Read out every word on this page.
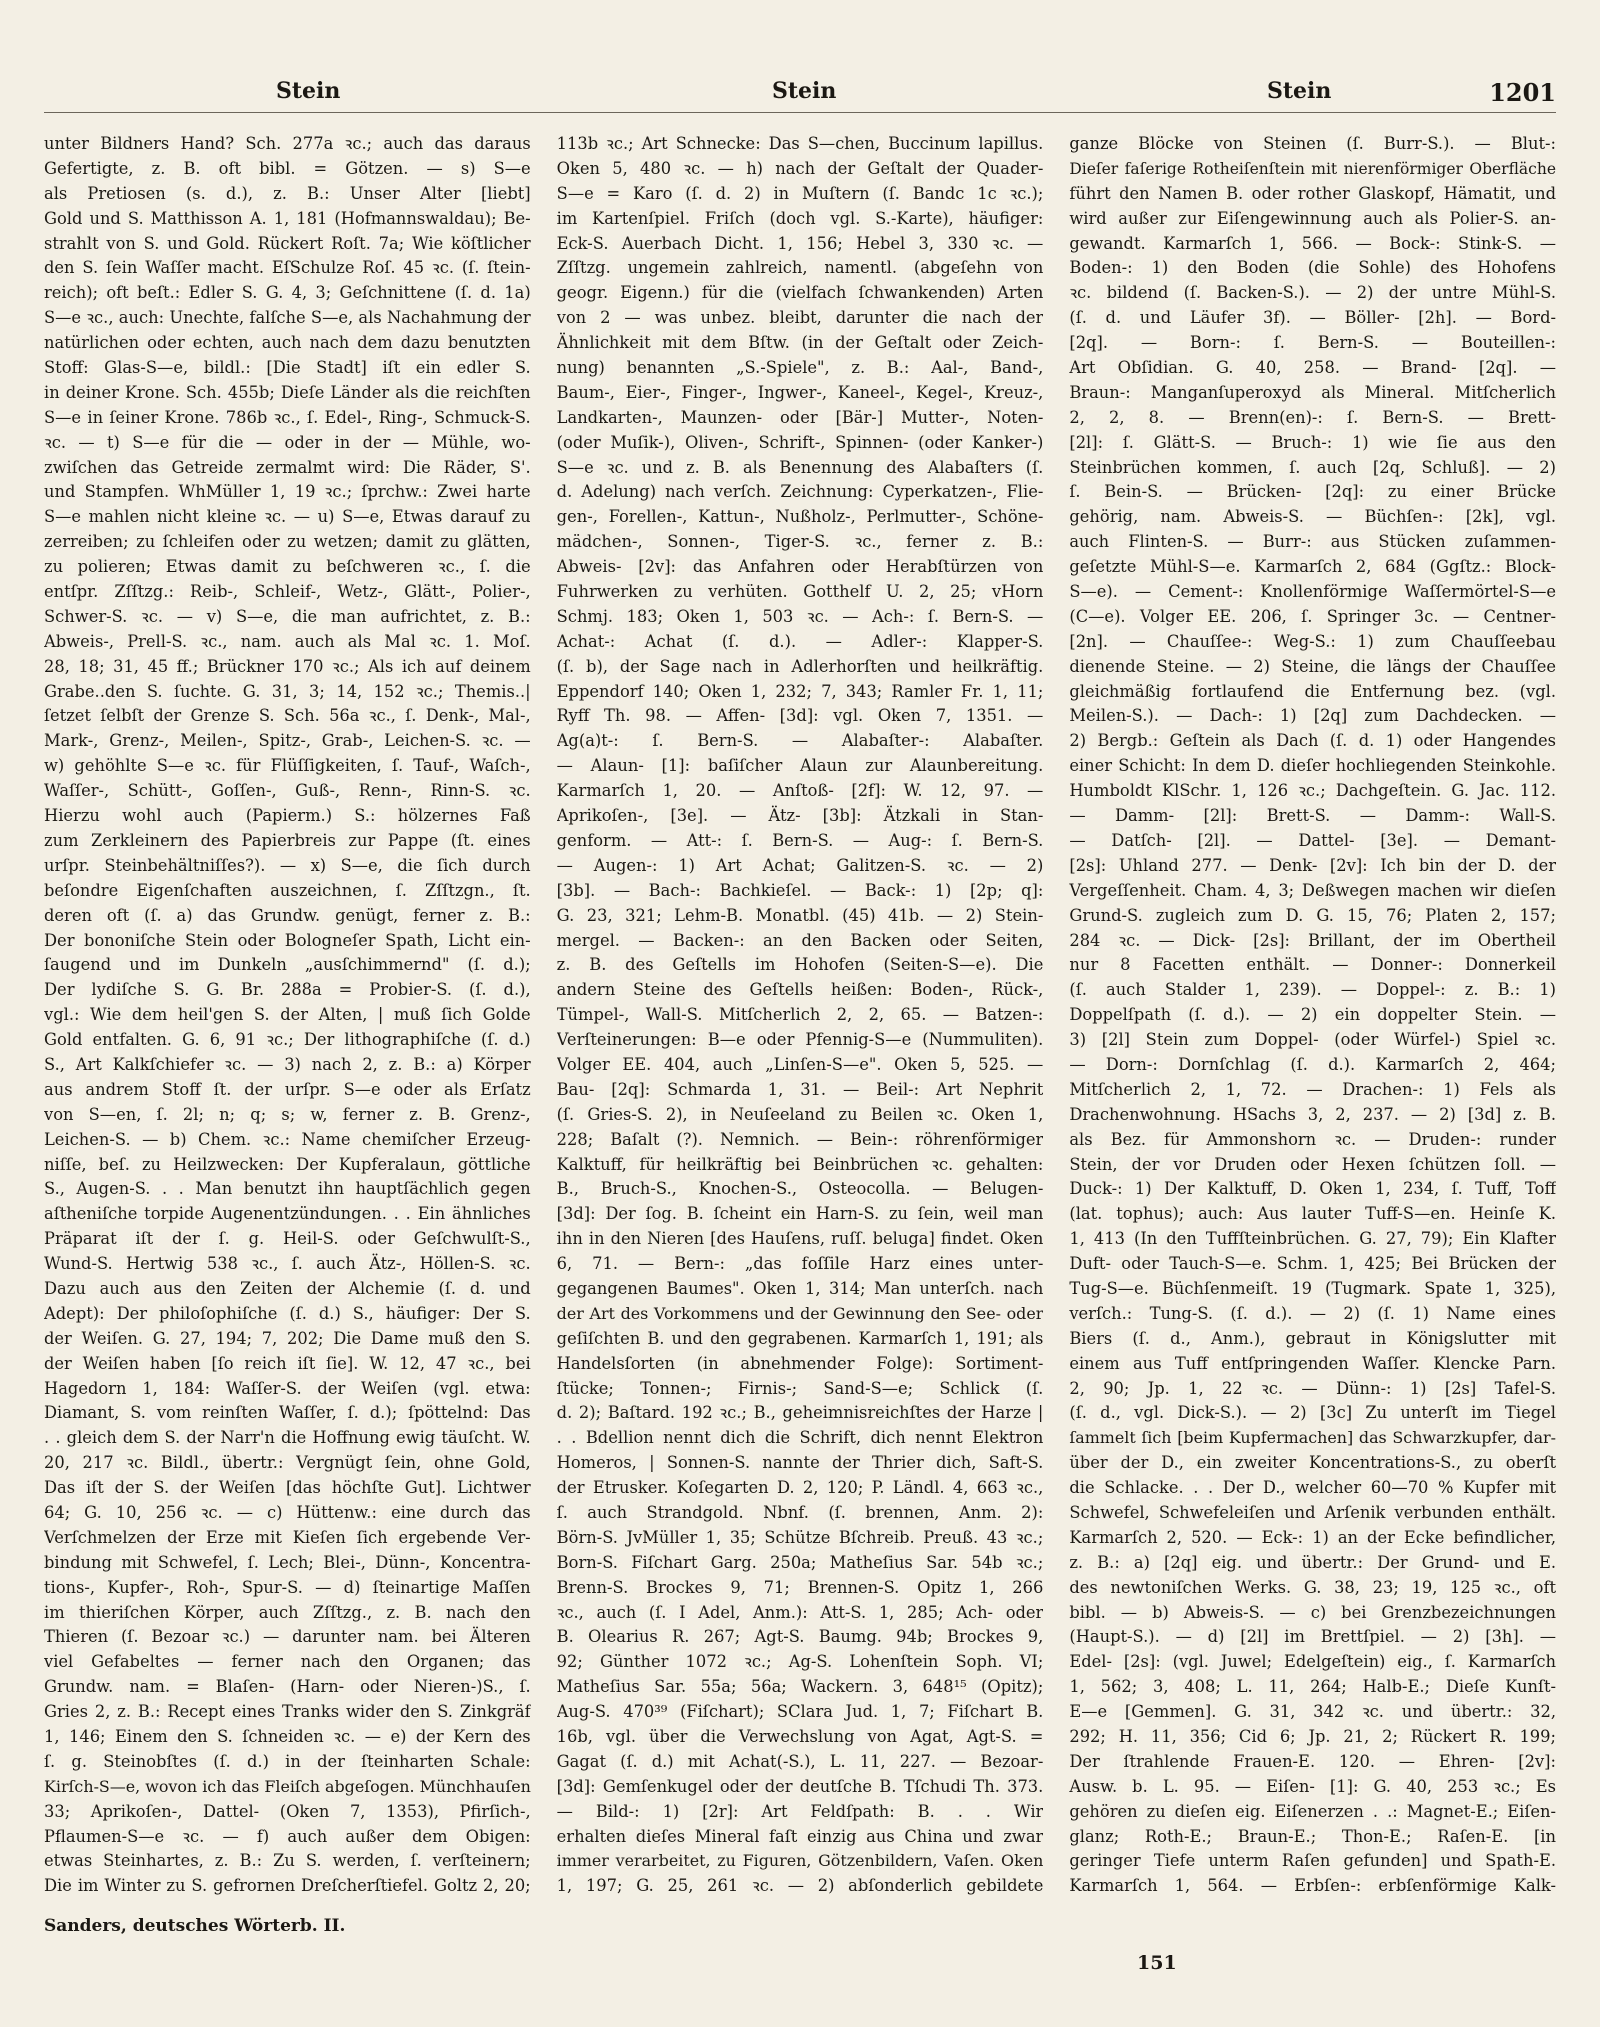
Stein	Stein	Stein	1201
unter Bildners Hand? Sch. 277a ꝛc.; auch das daraus
Gefertigte, z. B. oft bibl. = Götzen. — s) S—e
als Pretiosen (s. d.), z. B.: Unser Alter [liebt]
Gold und S. Matthisson A. 1, 181 (Hofmannswaldau); Be-
strahlt von S. und Gold. Rückert Roſt. 7a; Wie köſtlicher
den S. ſein Waſſer macht. EſSchulze Roſ. 45 ꝛc. (ſ. ſtein-
reich); oft beſt.: Edler S. G. 4, 3; Geſchnittene (ſ. d. 1a)
S—e ꝛc., auch: Unechte, falſche S—e, als Nachahmung der
natürlichen oder echten, auch nach dem dazu benutzten
Stoff: Glas-S—e, bildl.: [Die Stadt] iſt ein edler S.
in deiner Krone. Sch. 455b; Dieſe Länder als die reichſten
S—e in ſeiner Krone. 786b ꝛc., ſ. Edel-, Ring-, Schmuck-S.
ꝛc. — t) S—e für die — oder in der — Mühle, wo-
zwiſchen das Getreide zermalmt wird: Die Räder, S'.
und Stampfen. WhMüller 1, 19 ꝛc.; ſprchw.: Zwei harte
S—e mahlen nicht kleine ꝛc. — u) S—e, Etwas darauf zu
zerreiben; zu ſchleifen oder zu wetzen; damit zu glätten,
zu polieren; Etwas damit zu beſchweren ꝛc., ſ. die
entſpr. Zſſtzg.: Reib-, Schleif-, Wetz-, Glätt-, Polier-,
Schwer-S. ꝛc. — v) S—e, die man aufrichtet, z. B.:
Abweis-, Prell-S. ꝛc., nam. auch als Mal ꝛc. 1. Moſ.
28, 18; 31, 45 ff.; Brückner 170 ꝛc.; Als ich auf deinem
Grabe..den S. ſuchte. G. 31, 3; 14, 152 ꝛc.; Themis..|
ſetzet ſelbſt der Grenze S. Sch. 56a ꝛc., ſ. Denk-, Mal-,
Mark-, Grenz-, Meilen-, Spitz-, Grab-, Leichen-S. ꝛc. —
w) gehöhlte S—e ꝛc. für Flüſſigkeiten, ſ. Tauf-, Waſch-,
Waſſer-, Schütt-, Goſſen-, Guß-, Renn-, Rinn-S. ꝛc.
Hierzu wohl auch (Papierm.) S.: hölzernes Faß
zum Zerkleinern des Papierbreis zur Pappe (ſt. eines
urſpr. Steinbehältniſſes?). — x) S—e, die ſich durch
beſondre Eigenſchaften auszeichnen, ſ. Zſſtzgn., ſt.
deren oft (ſ. a) das Grundw. genügt, ferner z. B.:
Der bononiſche Stein oder Bologneſer Spath, Licht ein-
ſaugend und im Dunkeln „ausſchimmernd" (ſ. d.);
Der lydiſche S. G. Br. 288a = Probier-S. (ſ. d.),
vgl.: Wie dem heil'gen S. der Alten, | muß ſich Golde
Gold entfalten. G. 6, 91 ꝛc.; Der lithographiſche (ſ. d.)
S., Art Kalkſchiefer ꝛc. — 3) nach 2, z. B.: a) Körper
aus andrem Stoff ſt. der urſpr. S—e oder als Erſatz
von S—en, ſ. 2l; n; q; s; w, ferner z. B. Grenz-,
Leichen-S. — b) Chem. ꝛc.: Name chemiſcher Erzeug-
niſſe, beſ. zu Heilzwecken: Der Kupferalaun, göttliche
S., Augen-S. . . Man benutzt ihn hauptſächlich gegen
aſtheniſche torpide Augenentzündungen. . . Ein ähnliches
Präparat iſt der ſ. g. Heil-S. oder Geſchwulſt-S.,
Wund-S. Hertwig 538 ꝛc., ſ. auch Ätz-, Höllen-S. ꝛc.
Dazu auch aus den Zeiten der Alchemie (ſ. d. und
Adept): Der philoſophiſche (ſ. d.) S., häufiger: Der S.
der Weiſen. G. 27, 194; 7, 202; Die Dame muß den S.
der Weiſen haben [ſo reich iſt ſie]. W. 12, 47 ꝛc., bei
Hagedorn 1, 184: Waſſer-S. der Weiſen (vgl. etwa:
Diamant, S. vom reinſten Waſſer, ſ. d.); ſpöttelnd: Das
. . gleich dem S. der Narr'n die Hoffnung ewig täuſcht. W.
20, 217 ꝛc. Bildl., übertr.: Vergnügt ſein, ohne Gold,
Das iſt der S. der Weiſen [das höchſte Gut]. Lichtwer
64; G. 10, 256 ꝛc. — c) Hüttenw.: eine durch das
Verſchmelzen der Erze mit Kieſen ſich ergebende Ver-
bindung mit Schwefel, ſ. Lech; Blei-, Dünn-, Koncentra-
tions-, Kupfer-, Roh-, Spur-S. — d) ſteinartige Maſſen
im thieriſchen Körper, auch Zſſtzg., z. B. nach den
Thieren (ſ. Bezoar ꝛc.) — darunter nam. bei Älteren
viel Gefabeltes — ferner nach den Organen; das
Grundw. nam. = Blaſen- (Harn- oder Nieren-)S., ſ.
Gries 2, z. B.: Recept eines Tranks wider den S. Zinkgräf
1, 146; Einem den S. ſchneiden ꝛc. — e) der Kern des
ſ. g. Steinobſtes (ſ. d.) in der ſteinharten Schale:
Kirſch-S—e, wovon ich das Fleiſch abgeſogen. Münchhauſen
33; Aprikoſen-, Dattel- (Oken 7, 1353), Pfirſich-,
Pflaumen-S—e ꝛc. — f) auch außer dem Obigen:
etwas Steinhartes, z. B.: Zu S. werden, ſ. verſteinern;
Die im Winter zu S. gefrornen Dreſcherſtiefel. Goltz 2, 20;
113b ꝛc.; Art Schnecke: Das S—chen, Buccinum lapillus.
Oken 5, 480 ꝛc. — h) nach der Geſtalt der Quader-
S—e = Karo (ſ. d. 2) in Muſtern (ſ. Bandc 1c ꝛc.);
im Kartenſpiel. Friſch (doch vgl. S.-Karte), häufiger:
Eck-S. Auerbach Dicht. 1, 156; Hebel 3, 330 ꝛc. —
Zſſtzg. ungemein zahlreich, namentl. (abgeſehn von
geogr. Eigenn.) für die (vielfach ſchwankenden) Arten
von 2 — was unbez. bleibt, darunter die nach der
Ähnlichkeit mit dem Bſtw. (in der Geſtalt oder Zeich-
nung) benannten „S.-Spiele", z. B.: Aal-, Band-,
Baum-, Eier-, Finger-, Ingwer-, Kaneel-, Kegel-, Kreuz-,
Landkarten-, Maunzen- oder [Bär-] Mutter-, Noten-
(oder Muſik-), Oliven-, Schrift-, Spinnen- (oder Kanker-)
S—e ꝛc. und z. B. als Benennung des Alabaſters (ſ.
d. Adelung) nach verſch. Zeichnung: Cyperkatzen-, Flie-
gen-, Forellen-, Kattun-, Nußholz-, Perlmutter-, Schöne-
mädchen-, Sonnen-, Tiger-S. ꝛc., ferner z. B.:
Abweis- [2v]: das Anfahren oder Herabſtürzen von
Fuhrwerken zu verhüten. Gotthelf U. 2, 25; vHorn
Schmj. 183; Oken 1, 503 ꝛc. — Ach-: ſ. Bern-S. —
Achat-: Achat (ſ. d.). — Adler-: Klapper-S.
(ſ. b), der Sage nach in Adlerhorſten und heilkräftig.
Eppendorf 140; Oken 1, 232; 7, 343; Ramler Fr. 1, 11;
Ryff Th. 98. — Affen- [3d]: vgl. Oken 7, 1351. —
Ag(a)t-: ſ. Bern-S. — Alabaſter-: Alabaſter.
— Alaun- [1]: baſiſcher Alaun zur Alaunbereitung.
Karmarſch 1, 20. — Anſtoß- [2f]: W. 12, 97. —
Aprikoſen-, [3e]. — Ätz- [3b]: Ätzkali in Stan-
genform. — Att-: ſ. Bern-S. — Aug-: ſ. Bern-S.
— Augen-: 1) Art Achat; Galitzen-S. ꝛc. — 2)
[3b]. — Bach-: Bachkieſel. — Back-: 1) [2p; q]:
G. 23, 321; Lehm-B. Monatbl. (45) 41b. — 2) Stein-
mergel. — Backen-: an den Backen oder Seiten,
z. B. des Geſtells im Hohofen (Seiten-S—e). Die
andern Steine des Geſtells heißen: Boden-, Rück-,
Tümpel-, Wall-S. Mitſcherlich 2, 2, 65. — Batzen-:
Verſteinerungen: B—e oder Pfennig-S—e (Nummuliten).
Volger EE. 404, auch „Linſen-S—e". Oken 5, 525. —
Bau- [2q]: Schmarda 1, 31. — Beil-: Art Nephrit
(ſ. Gries-S. 2), in Neuſeeland zu Beilen ꝛc. Oken 1,
228; Baſalt (?). Nemnich. — Bein-: röhrenförmiger
Kalktuff, für heilkräftig bei Beinbrüchen ꝛc. gehalten:
B., Bruch-S., Knochen-S., Osteocolla. — Belugen-
[3d]: Der ſog. B. ſcheint ein Harn-S. zu ſein, weil man
ihn in den Nieren [des Hauſens, ruſſ. beluga] findet. Oken
6, 71. — Bern-: „das foſſile Harz eines unter-
gegangenen Baumes". Oken 1, 314; Man unterſch. nach
der Art des Vorkommens und der Gewinnung den See- oder
geſiſchten B. und den gegrabenen. Karmarſch 1, 191; als
Handelsſorten (in abnehmender Folge): Sortiment-
ſtücke; Tonnen-; Firnis-; Sand-S—e; Schlick (ſ.
d. 2); Baſtard. 192 ꝛc.; B., geheimnisreichſtes der Harze |
. . Bdellion nennt dich die Schrift, dich nennt Elektron
Homeros, | Sonnen-S. nannte der Thrier dich, Saft-S.
der Etrusker. Koſegarten D. 2, 120; P. Ländl. 4, 663 ꝛc.,
ſ. auch Strandgold. Nbnf. (ſ. brennen, Anm. 2):
Börn-S. JvMüller 1, 35; Schütze Bſchreib. Preuß. 43 ꝛc.;
Born-S. Fiſchart Garg. 250a; Matheſius Sar. 54b ꝛc.;
Brenn-S. Brockes 9, 71; Brennen-S. Opitz 1, 266
ꝛc., auch (ſ. I Adel, Anm.): Att-S. 1, 285; Ach- oder
B. Olearius R. 267; Agt-S. Baumg. 94b; Brockes 9,
92; Günther 1072 ꝛc.; Ag-S. Lohenſtein Soph. VI;
Matheſius Sar. 55a; 56a; Wackern. 3, 648¹⁵ (Opitz);
Aug-S. 470³⁹ (Fiſchart); SClara Jud. 1, 7; Fiſchart B.
16b, vgl. über die Verwechslung von Agat, Agt-S. =
Gagat (ſ. d.) mit Achat(-S.), L. 11, 227. — Bezoar-
[3d]: Gemſenkugel oder der deutſche B. Tſchudi Th. 373.
— Bild-: 1) [2r]: Art Feldſpath: B. . . Wir
erhalten dieſes Mineral faſt einzig aus China und zwar
immer verarbeitet, zu Figuren, Götzenbildern, Vaſen. Oken
1, 197; G. 25, 261 ꝛc. — 2) abſonderlich gebildete
ganze Blöcke von Steinen (ſ. Burr-S.). — Blut-:
Dieſer faſerige Rotheiſenſtein mit nierenförmiger Oberfläche
führt den Namen B. oder rother Glaskopf, Hämatit, und
wird außer zur Eiſengewinnung auch als Polier-S. an-
gewandt. Karmarſch 1, 566. — Bock-: Stink-S. —
Boden-: 1) den Boden (die Sohle) des Hohofens
ꝛc. bildend (ſ. Backen-S.). — 2) der untre Mühl-S.
(ſ. d. und Läufer 3f). — Böller- [2h]. — Bord-
[2q]. — Born-: ſ. Bern-S. — Bouteillen-:
Art Obſidian. G. 40, 258. — Brand- [2q]. —
Braun-: Manganſuperoxyd als Mineral. Mitſcherlich
2, 2, 8. — Brenn(en)-: ſ. Bern-S. — Brett-
[2l]: ſ. Glätt-S. — Bruch-: 1) wie ſie aus den
Steinbrüchen kommen, ſ. auch [2q, Schluß]. — 2)
ſ. Bein-S. — Brücken- [2q]: zu einer Brücke
gehörig, nam. Abweis-S. — Büchſen-: [2k], vgl.
auch Flinten-S. — Burr-: aus Stücken zuſammen-
geſetzte Mühl-S—e. Karmarſch 2, 684 (Ggſtz.: Block-
S—e). — Cement-: Knollenförmige Waſſermörtel-S—e
(C—e). Volger EE. 206, ſ. Springer 3c. — Centner-
[2n]. — Chauſſee-: Weg-S.: 1) zum Chauſſeebau
dienende Steine. — 2) Steine, die längs der Chauſſee
gleichmäßig fortlaufend die Entfernung bez. (vgl.
Meilen-S.). — Dach-: 1) [2q] zum Dachdecken. —
2) Bergb.: Geſtein als Dach (ſ. d. 1) oder Hangendes
einer Schicht: In dem D. dieſer hochliegenden Steinkohle.
Humboldt KlSchr. 1, 126 ꝛc.; Dachgeſtein. G. Jac. 112.
— Damm- [2l]: Brett-S. — Damm-: Wall-S.
— Datſch- [2l]. — Dattel- [3e]. — Demant-
[2s]: Uhland 277. — Denk- [2v]: Ich bin der D. der
Vergeſſenheit. Cham. 4, 3; Deßwegen machen wir dieſen
Grund-S. zugleich zum D. G. 15, 76; Platen 2, 157;
284 ꝛc. — Dick- [2s]: Brillant, der im Obertheil
nur 8 Facetten enthält. — Donner-: Donnerkeil
(ſ. auch Stalder 1, 239). — Doppel-: z. B.: 1)
Doppelſpath (ſ. d.). — 2) ein doppelter Stein. —
3) [2l] Stein zum Doppel- (oder Würfel-) Spiel ꝛc.
— Dorn-: Dornſchlag (ſ. d.). Karmarſch 2, 464;
Mitſcherlich 2, 1, 72. — Drachen-: 1) Fels als
Drachenwohnung. HSachs 3, 2, 237. — 2) [3d] z. B.
als Bez. für Ammonshorn ꝛc. — Druden-: runder
Stein, der vor Druden oder Hexen ſchützen ſoll. —
Duck-: 1) Der Kalktuff, D. Oken 1, 234, ſ. Tuff, Toff
(lat. tophus); auch: Aus lauter Tuff-S—en. Heinſe K.
1, 413 (In den Tuffſteinbrüchen. G. 27, 79); Ein Klafter
Duft- oder Tauch-S—e. Schm. 1, 425; Bei Brücken der
Tug-S—e. Büchſenmeiſt. 19 (Tugmark. Spate 1, 325),
verſch.: Tung-S. (ſ. d.). — 2) (ſ. 1) Name eines
Biers (ſ. d., Anm.), gebraut in Königslutter mit
einem aus Tuff entſpringenden Waſſer. Klencke Parn.
2, 90; Jp. 1, 22 ꝛc. — Dünn-: 1) [2s] Tafel-S.
(ſ. d., vgl. Dick-S.). — 2) [3c] Zu unterſt im Tiegel
ſammelt ſich [beim Kupfermachen] das Schwarzkupfer, dar-
über der D., ein zweiter Koncentrations-S., zu oberſt
die Schlacke. . . Der D., welcher 60—70 % Kupfer mit
Schwefel, Schwefeleiſen und Arſenik verbunden enthält.
Karmarſch 2, 520. — Eck-: 1) an der Ecke befindlicher,
z. B.: a) [2q] eig. und übertr.: Der Grund- und E.
des newtoniſchen Werks. G. 38, 23; 19, 125 ꝛc., oft
bibl. — b) Abweis-S. — c) bei Grenzbezeichnungen
(Haupt-S.). — d) [2l] im Brettſpiel. — 2) [3h]. —
Edel- [2s]: (vgl. Juwel; Edelgeſtein) eig., ſ. Karmarſch
1, 562; 3, 408; L. 11, 264; Halb-E.; Dieſe Kunſt-
E—e [Gemmen]. G. 31, 342 ꝛc. und übertr.: 32,
292; H. 11, 356; Cid 6; Jp. 21, 2; Rückert R. 199;
Der ſtrahlende Frauen-E. 120. — Ehren- [2v]:
Ausw. b. L. 95. — Eiſen- [1]: G. 40, 253 ꝛc.; Es
gehören zu dieſen eig. Eiſenerzen . .: Magnet-E.; Eiſen-
glanz; Roth-E.; Braun-E.; Thon-E.; Raſen-E. [in
geringer Tiefe unterm Raſen gefunden] und Spath-E.
Karmarſch 1, 564. — Erbſen-: erbſenförmige Kalk-
Sanders, deutsches Wörterb. II.
151
